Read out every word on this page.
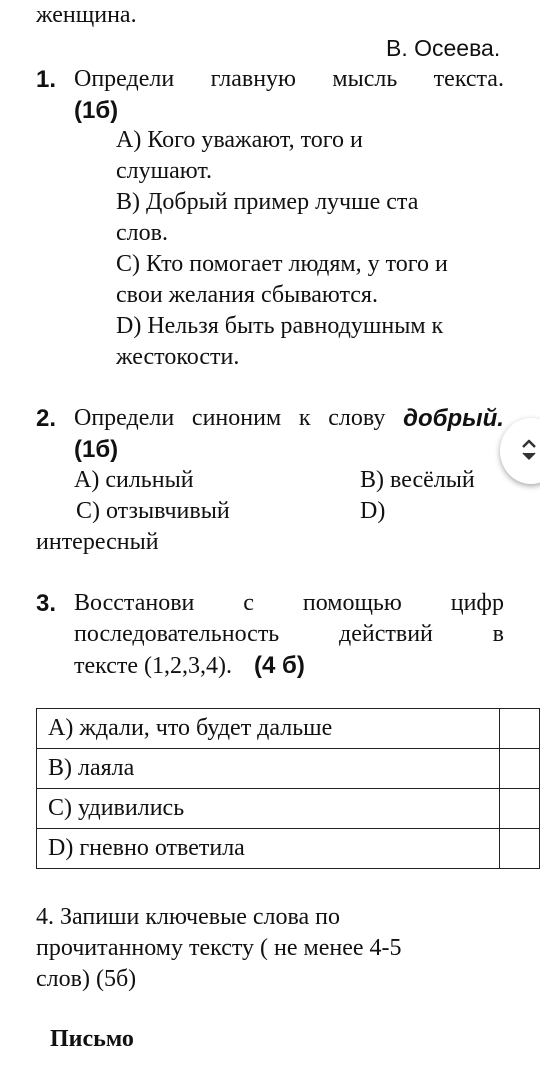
женщина.
В. Осеева.
1. Определи главную мысль текста.
(1б)
А) Кого уважают, того и
слушают.
В) Добрый пример лучше ста
слов.
С) Кто помогает людям, у того и
свои желания сбываются.
D) Нельзя быть равнодушным к
жестокости.
2. Определи синоним к слову добрый.
(1б)
А) сильный	В) весёлый
С) отзывчивый	D)
интересный
3. Восстанови с помощью цифр
последовательность действий в
тексте (1,2,3,4). (4 б)
А) ждали, что будет дальше	
В) лаяла	
С) удивились	
D) гневно ответила	
4. Запиши ключевые слова по
прочитанному тексту ( не менее 4-5
слов) (5б)
Письмо
